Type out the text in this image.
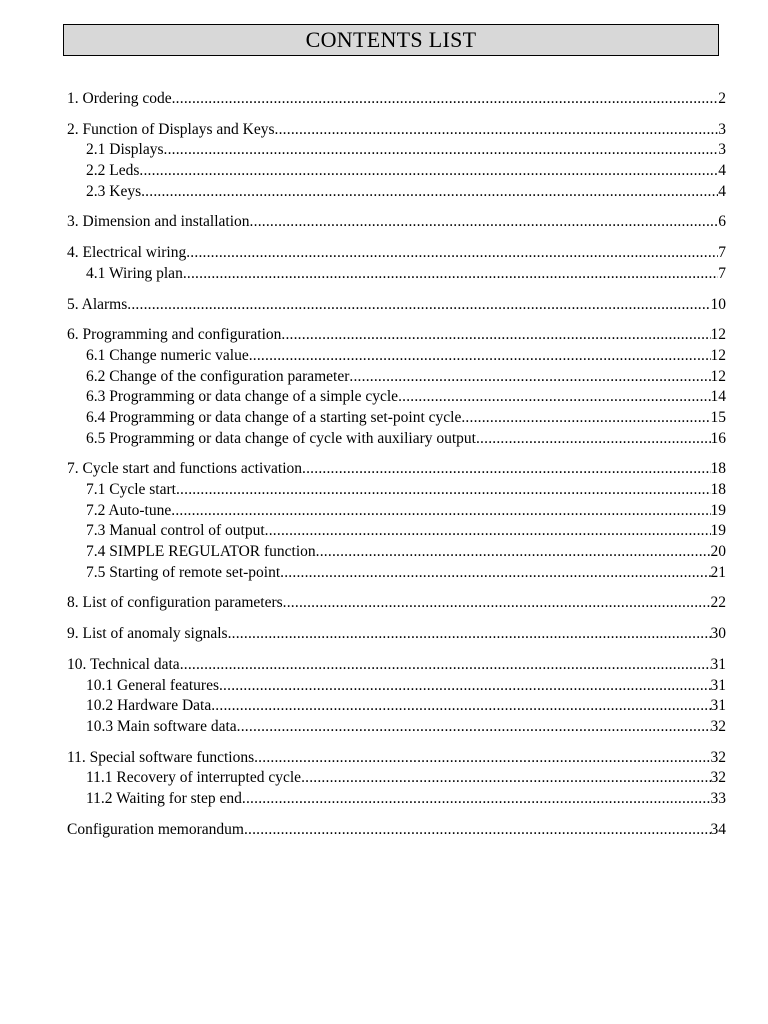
CONTENTS LIST
1. Ordering code .....	2
2. Function of Displays and Keys .....	3
2.1 Displays .....	3
2.2 Leds .....	4
2.3 Keys .....	4
3. Dimension and installation .....	6
4. Electrical wiring .....	7
4.1 Wiring plan .....	7
5. Alarms .....	10
6. Programming and configuration .....	12
6.1 Change numeric value .....	12
6.2 Change of the configuration parameter .....	12
6.3 Programming or data change of a simple cycle .....	14
6.4 Programming or data change of a starting set-point cycle .....	15
6.5 Programming or data change of cycle with auxiliary output .....	16
7. Cycle start and functions activation .....	18
7.1 Cycle start .....	18
7.2 Auto-tune .....	19
7.3 Manual control of output .....	19
7.4 SIMPLE REGULATOR function .....	20
7.5 Starting of remote set-point .....	21
8. List of configuration parameters .....	22
9. List of anomaly signals .....	30
10. Technical data .....	31
10.1 General features .....	31
10.2 Hardware Data .....	31
10.3 Main software data .....	32
11. Special software functions .....	32
11.1 Recovery of interrupted cycle .....	32
11.2 Waiting for step end .....	33
Configuration memorandum .....	34
